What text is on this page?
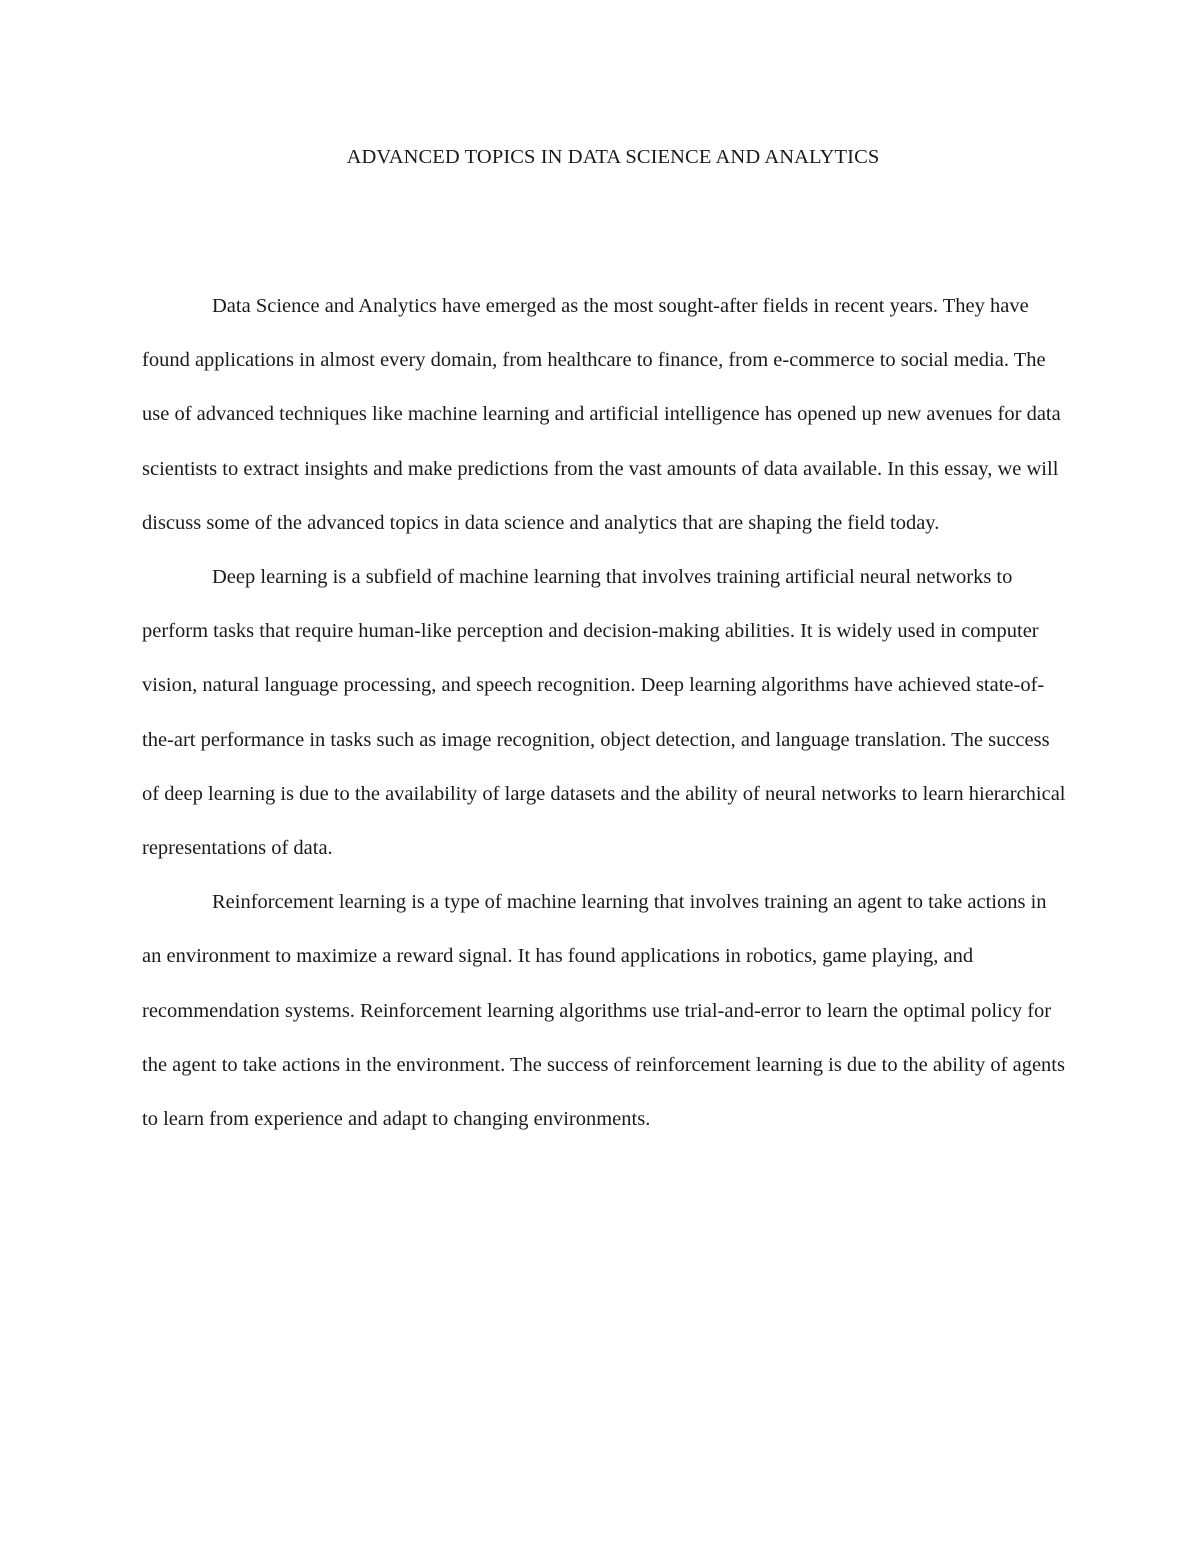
ADVANCED TOPICS IN DATA SCIENCE AND ANALYTICS

Data Science and Analytics have emerged as the most sought-after fields in recent years. They have found applications in almost every domain, from healthcare to finance, from e-commerce to social media. The use of advanced techniques like machine learning and artificial intelligence has opened up new avenues for data scientists to extract insights and make predictions from the vast amounts of data available. In this essay, we will discuss some of the advanced topics in data science and analytics that are shaping the field today.

Deep learning is a subfield of machine learning that involves training artificial neural networks to perform tasks that require human-like perception and decision-making abilities. It is widely used in computer vision, natural language processing, and speech recognition. Deep learning algorithms have achieved state-of-the-art performance in tasks such as image recognition, object detection, and language translation. The success of deep learning is due to the availability of large datasets and the ability of neural networks to learn hierarchical representations of data.

Reinforcement learning is a type of machine learning that involves training an agent to take actions in an environment to maximize a reward signal. It has found applications in robotics, game playing, and recommendation systems. Reinforcement learning algorithms use trial-and-error to learn the optimal policy for the agent to take actions in the environment. The success of reinforcement learning is due to the ability of agents to learn from experience and adapt to changing environments.
